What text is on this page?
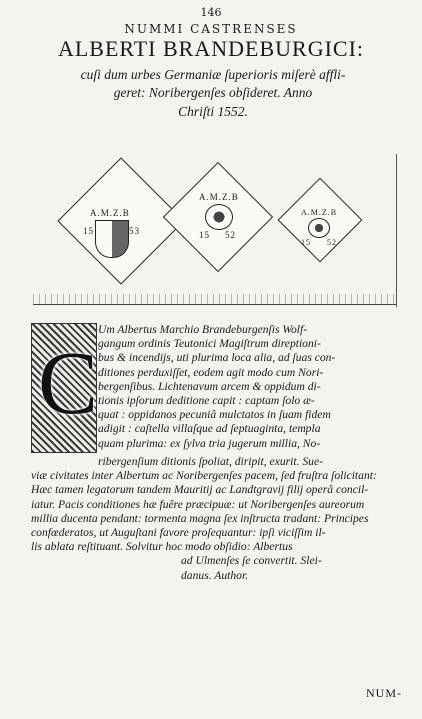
146
NUMMI CASTRENSES
ALBERTI BRANDEBURGICI:
cuſi dum urbes Germaniæ ſuperioris miſerè affli-
geret: Noribergenſes obſideret. Anno
Chriſti 1552.
A.M.Z.B
15	53
A.M.Z.B
15 52
A.M.Z.B
15 52
C
Um Albertus Marchio Brandeburgenſis Wolf-
gangum ordinis Teutonici Magiſtrum direptioni-
bus & incendijs, uti plurima loca alia, ad ſuas con-
ditiones perduxiſſet, eodem agit modo cum Nori-
bergenſibus. Lichtenavum arcem & oppidum di-
tionis ipſorum deditione capit : captam ſolo æ-
quat : oppidanos pecuniâ mulctatos in ſuam fidem
adigit : caſtella villaſque ad ſeptuaginta, templa
quam plurima: ex ſylva tria jugerum millia, No-
ribergenſium ditionis ſpoliat, diripit, exurit. Sue-
viæ civitates inter Albertum ac Noribergenſes pacem, ſed fruſtra ſolicitant:
Hæc tamen legatorum tandem Mauritij ac Landtgravij filij operâ concil-
iatur. Pacis conditiones hæ fuêre præcipuæ: ut Noribergenſes aureorum
millia ducenta pendant: tormenta magna ſex inſtructa tradant: Principes
confœderatos, ut Auguſtani favore proſequantur: ipſi viciſſim il-
lis ablata reſtituant. Solvitur hoc modo obſidio: Albertus
ad Ulmenſes ſe convertit. Slei-
danus. Author.
NUM-
